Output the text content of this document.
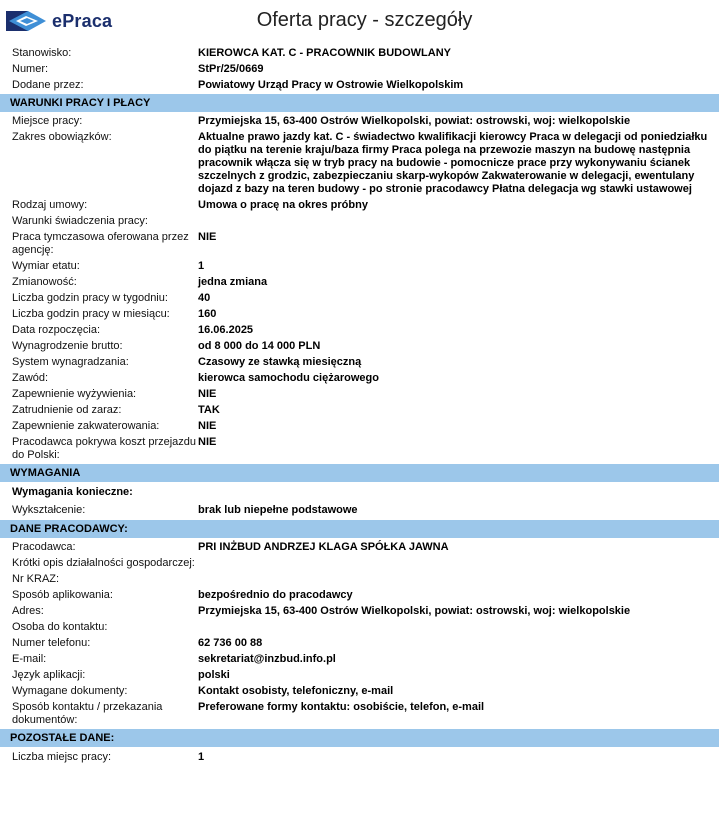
ePraca	Oferta pracy - szczegóły
Stanowisko:	KIEROWCA KAT. C - PRACOWNIK BUDOWLANY
Numer:	StPr/25/0669
Dodane przez:	Powiatowy Urząd Pracy w Ostrowie Wielkopolskim
WARUNKI PRACY I PŁACY
Miejsce pracy:	Przymiejska 15, 63-400 Ostrów Wielkopolski, powiat: ostrowski, woj: wielkopolskie
Zakres obowiązków:	Aktualne prawo jazdy kat. C - świadectwo kwalifikacji kierowcy Praca w delegacji od poniedziałku do piątku na terenie kraju/baza firmy Praca polega na przewozie maszyn na budowę następnia pracownik włącza się w tryb pracy na budowie - pomocnicze prace przy wykonywaniu ścianek szczelnych z grodzic, zabezpieczaniu skarp-wykopów Zakwaterowanie w delegacji, ewentulany dojazd z bazy na teren budowy - po stronie pracodawcy Płatna delegacja wg stawki ustawowej
Rodzaj umowy:	Umowa o pracę na okres próbny
Warunki świadczenia pracy:
Praca tymczasowa oferowana przez agencję:
NIE
Wymiar etatu:	1
Zmianowość:	jedna zmiana
Liczba godzin pracy w tygodniu:	40
Liczba godzin pracy w miesiącu:	160
Data rozpoczęcia:	16.06.2025
Wynagrodzenie brutto:	od 8 000 do 14 000 PLN
System wynagradzania:	Czasowy ze stawką miesięczną
Zawód:	kierowca samochodu ciężarowego
Zapewnienie wyżywienia:	NIE
Zatrudnienie od zaraz:	TAK
Zapewnienie zakwaterowania:	NIE
Pracodawca pokrywa koszt przejazdu do Polski:
NIE
WYMAGANIA
Wymagania konieczne:
Wykształcenie:	brak lub niepełne podstawowe
DANE PRACODAWCY:
Pracodawca:	PRI INŻBUD ANDRZEJ KLAGA SPÓŁKA JAWNA
Krótki opis działalności gospodarczej:
Nr KRAZ:
Sposób aplikowania:	bezpośrednio do pracodawcy
Adres:	Przymiejska 15, 63-400 Ostrów Wielkopolski, powiat: ostrowski, woj: wielkopolskie
Osoba do kontaktu:
Numer telefonu:	62 736 00 88
E-mail:	sekretariat@inzbud.info.pl
Język aplikacji:	polski
Wymagane dokumenty:	Kontakt osobisty, telefoniczny, e-mail
Sposób kontaktu / przekazania dokumentów:
Preferowane formy kontaktu: osobiście, telefon, e-mail
POZOSTAŁE DANE:
Liczba miejsc pracy:	1
